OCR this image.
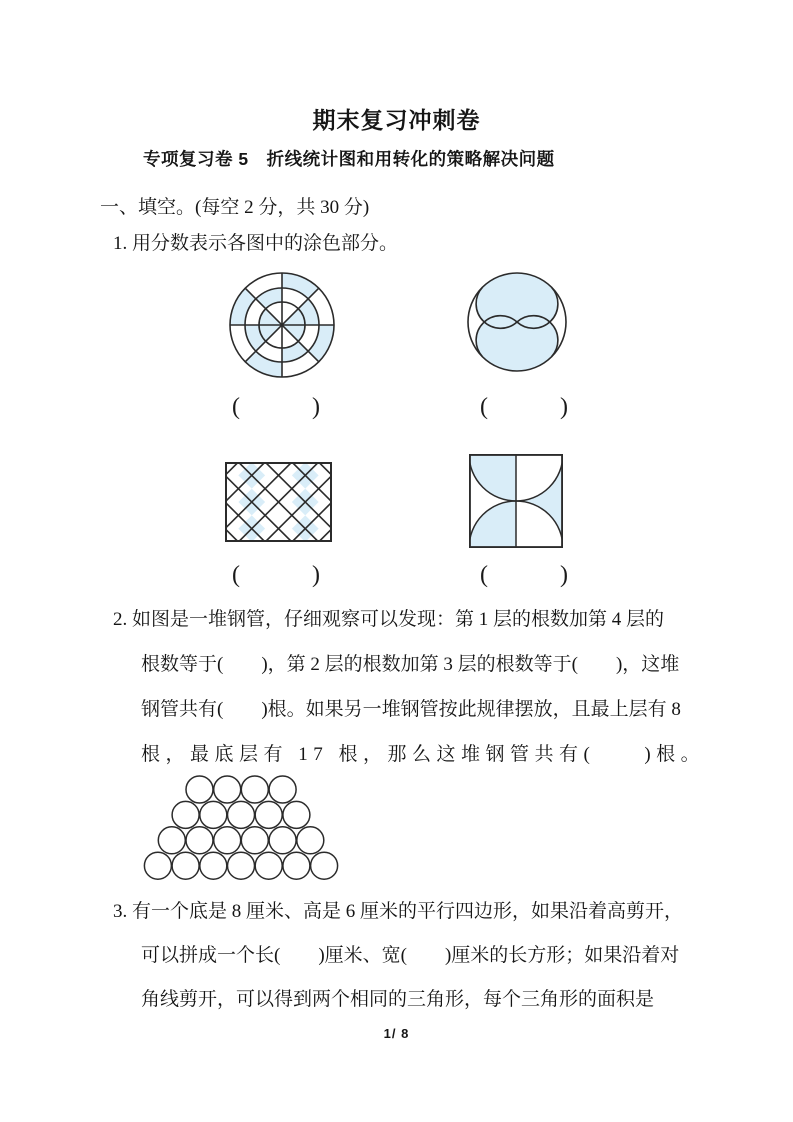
期末复习冲刺卷
专项复习卷 5　折线统计图和用转化的策略解决问题
一、填空。(每空 2 分，共 30 分)
1. 用分数表示各图中的涂色部分。
(　　　)	(　　　)
(　　　)	(　　　)
2. 如图是一堆钢管，仔细观察可以发现：第 1 层的根数加第 4 层的
根数等于(　　)，第 2 层的根数加第 3 层的根数等于(　　)，这堆
钢管共有(　　)根。如果另一堆钢管按此规律摆放，且最上层有 8
根，最底层有 17 根，那么这堆钢管共有(　　)根。
3. 有一个底是 8 厘米、高是 6 厘米的平行四边形，如果沿着高剪开，
可以拼成一个长(　　)厘米、宽(　　)厘米的长方形；如果沿着对
角线剪开，可以得到两个相同的三角形，每个三角形的面积是
1/ 8
